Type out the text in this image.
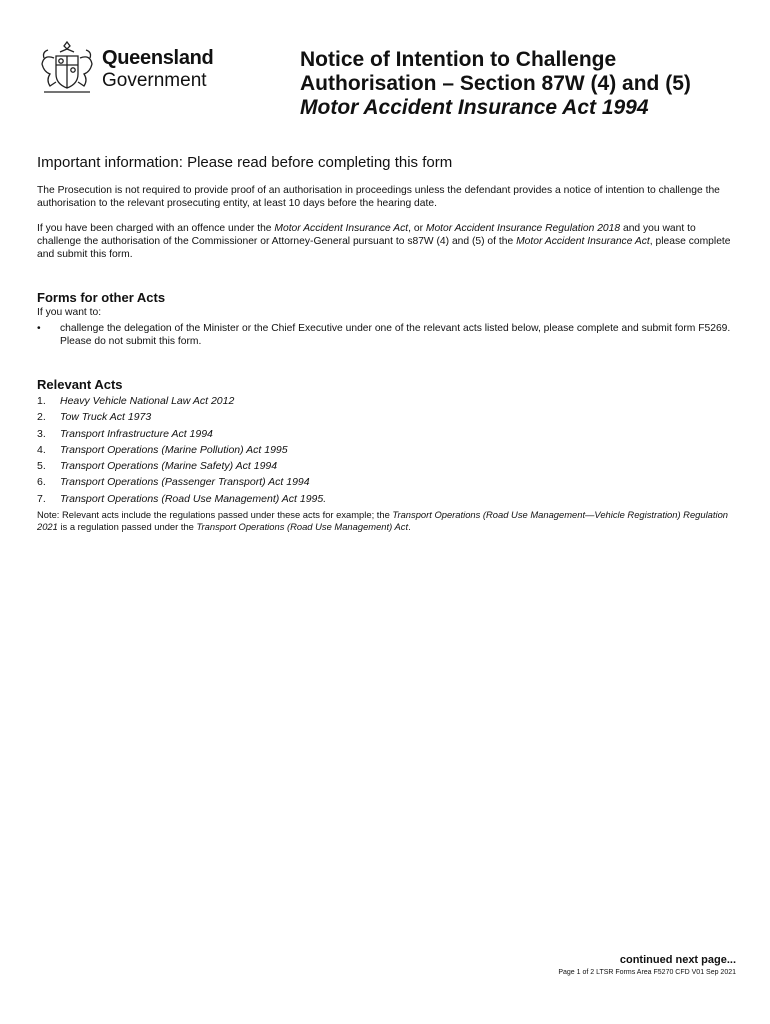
Queensland
Government
Notice of Intention to Challenge
Authorisation – Section 87W (4) and (5)
Motor Accident Insurance Act 1994
Important information: Please read before completing this form
The Prosecution is not required to provide proof of an authorisation in proceedings unless the defendant provides a notice of intention to challenge the authorisation to the relevant prosecuting entity, at least 10 days before the hearing date.
If you have been charged with an offence under the Motor Accident Insurance Act, or Motor Accident Insurance Regulation 2018 and you want to challenge the authorisation of the Commissioner or Attorney-General pursuant to s87W (4) and (5) of the Motor Accident Insurance Act, please complete and submit this form.
Forms for other Acts
If you want to:
• challenge the delegation of the Minister or the Chief Executive under one of the relevant acts listed below, please complete and submit form F5269. Please do not submit this form.
Relevant Acts
1. Heavy Vehicle National Law Act 2012
2. Tow Truck Act 1973
3. Transport Infrastructure Act 1994
4. Transport Operations (Marine Pollution) Act 1995
5. Transport Operations (Marine Safety) Act 1994
6. Transport Operations (Passenger Transport) Act 1994
7. Transport Operations (Road Use Management) Act 1995.
Note: Relevant acts include the regulations passed under these acts for example; the Transport Operations (Road Use Management—Vehicle Registration) Regulation 2021 is a regulation passed under the Transport Operations (Road Use Management) Act.
continued next page...
Page 1 of 2 LTSR Forms Area F5270 CFD V01 Sep 2021
